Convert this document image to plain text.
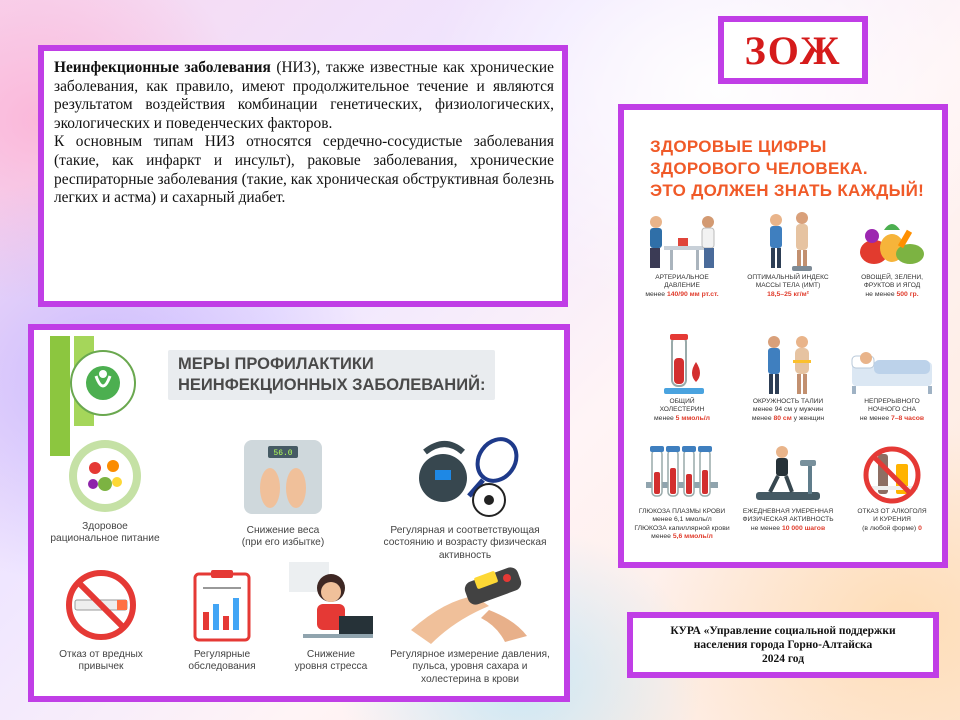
ЗОЖ

Неинфекционные заболевания (НИЗ), также известные как хронические заболевания, как правило, имеют продолжительное течение и являются результатом воздействия комбинации генетических, физиологических, экологических и поведенческих факторов.

К основным типам НИЗ относятся сердечно-сосудистые заболевания (такие, как инфаркт и инсульт), раковые заболевания, хронические респираторные заболевания (такие, как хроническая обструктивная болезнь легких и астма) и сахарный диабет.

ЗДОРОВЫЕ ЦИФРЫ
ЗДОРОВОГО ЧЕЛОВЕКА.
ЭТО ДОЛЖЕН ЗНАТЬ КАЖДЫЙ!
АРТЕРИАЛЬНОЕ
ДАВЛЕНИЕ
менее 140/90 мм рт.ст.
ОПТИМАЛЬНЫЙ ИНДЕКС
МАССЫ ТЕЛА (ИМТ)
18,5–25 кг/м²
ОВОЩЕЙ, ЗЕЛЕНИ,
ФРУКТОВ И ЯГОД
не менее 500 гр.
ОБЩИЙ
ХОЛЕСТЕРИН
менее 5 ммоль/л
ОКРУЖНОСТЬ ТАЛИИ
менее 94 см у мужчин
менее 80 см у женщин
НЕПРЕРЫВНОГО
НОЧНОГО СНА
не менее 7–8 часов
ГЛЮКОЗА ПЛАЗМЫ КРОВИ
менее 6,1 ммоль/л
ГЛЮКОЗА капиллярной крови менее 5,6 ммоль/л
ЕЖЕДНЕВНАЯ УМЕРЕННАЯ
ФИЗИЧЕСКАЯ АКТИВНОСТЬ
не менее 10 000 шагов
ОТКАЗ ОТ АЛКОГОЛЯ
И КУРЕНИЯ
(в любой форме) 0
МЕРЫ ПРОФИЛАКТИКИ
НЕИНФЕКЦИОННЫХ ЗАБОЛЕВАНИЙ:
Здоровое
рациональное питание
56.0
Снижение веса
(при его избытке)
Регулярная и соответствующая
состоянию и возрасту физическая
активность
Отказ от вредных
привычек
Регулярные
обследования
Снижение
уровня стресса
Регулярное измерение давления,
пульса, уровня сахара и
холестерина в крови
КУРА «Управление социальной поддержки
населения города Горно-Алтайска
2024 год
